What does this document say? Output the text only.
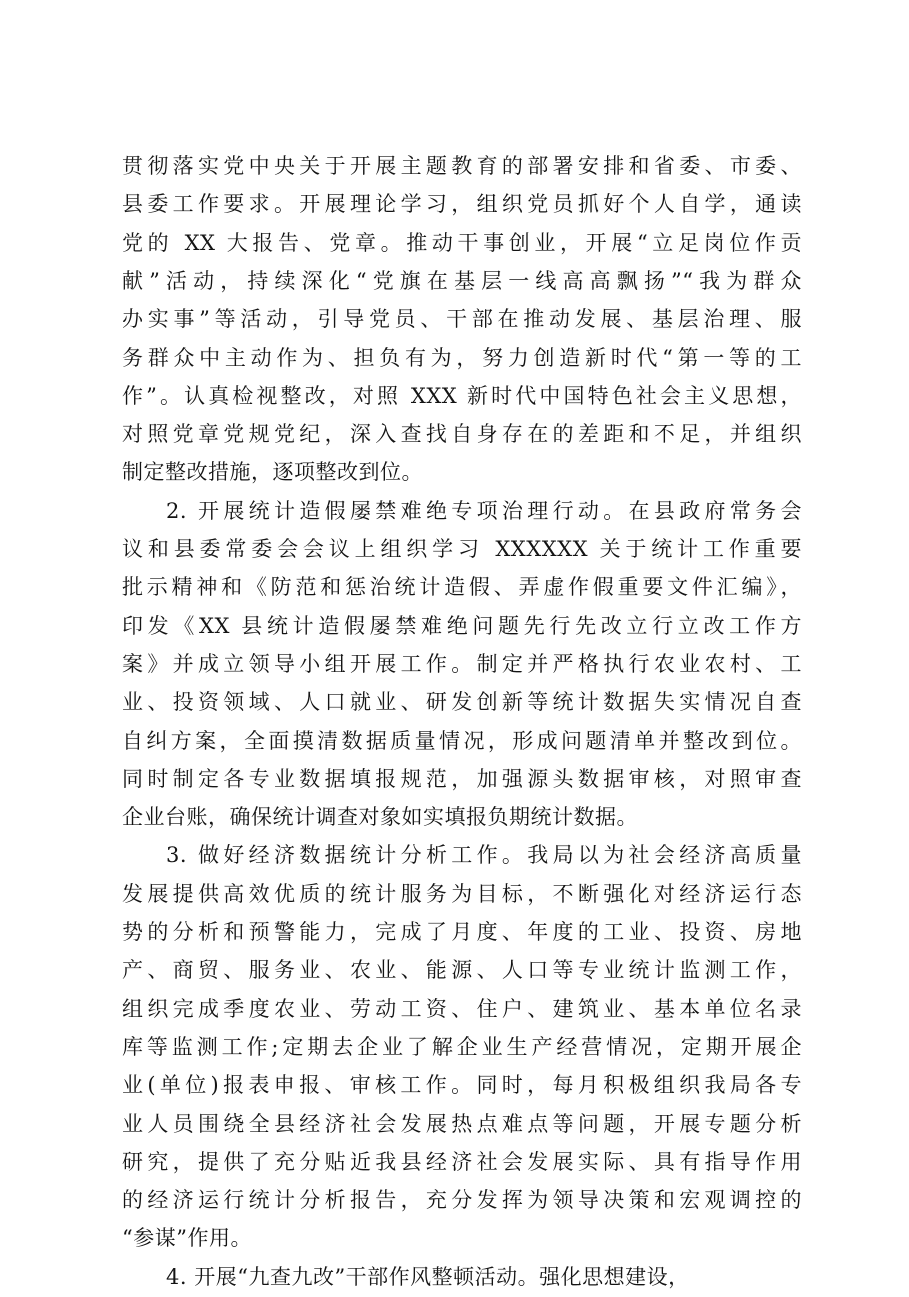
贯彻落实党中央关于开展主题教育的部署安排和省委、市委、
县委工作要求。开展理论学习，组织党员抓好个人自学，通读
党的 XX 大报告、党章。推动干事创业，开展“立足岗位作贡
献”活动，持续深化“党旗在基层一线高高飘扬”“我为群众
办实事”等活动，引导党员、干部在推动发展、基层治理、服
务群众中主动作为、担负有为，努力创造新时代“第一等的工
作”。认真检视整改，对照 XXX 新时代中国特色社会主义思想，
对照党章党规党纪，深入查找自身存在的差距和不足，并组织
制定整改措施，逐项整改到位。
2. 开展统计造假屡禁难绝专项治理行动。在县政府常务会
议和县委常委会会议上组织学习 XXXXXX 关于统计工作重要
批示精神和《防范和惩治统计造假、弄虚作假重要文件汇编》，
印发《XX 县统计造假屡禁难绝问题先行先改立行立改工作方
案》并成立领导小组开展工作。制定并严格执行农业农村、工
业、投资领域、人口就业、研发创新等统计数据失实情况自查
自纠方案，全面摸清数据质量情况，形成问题清单并整改到位。
同时制定各专业数据填报规范，加强源头数据审核，对照审查
企业台账，确保统计调查对象如实填报负期统计数据。
3. 做好经济数据统计分析工作。我局以为社会经济高质量
发展提供高效优质的统计服务为目标，不断强化对经济运行态
势的分析和预警能力，完成了月度、年度的工业、投资、房地
产、商贸、服务业、农业、能源、人口等专业统计监测工作，
组织完成季度农业、劳动工资、住户、建筑业、基本单位名录
库等监测工作;定期去企业了解企业生产经营情况，定期开展企
业(单位)报表申报、审核工作。同时，每月积极组织我局各专
业人员围绕全县经济社会发展热点难点等问题，开展专题分析
研究，提供了充分贴近我县经济社会发展实际、具有指导作用
的经济运行统计分析报告，充分发挥为领导决策和宏观调控的
“参谋”作用。
4. 开展“九查九改”干部作风整顿活动。强化思想建设，
